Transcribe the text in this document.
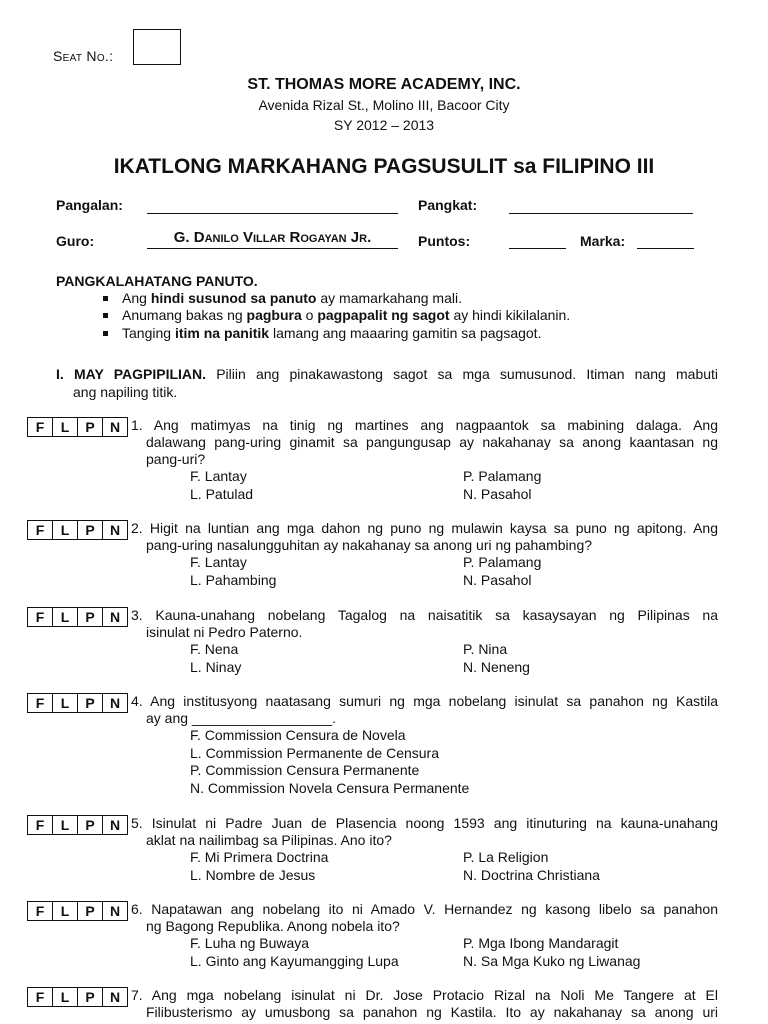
Seat No.:
ST. THOMAS MORE ACADEMY, INC.
Avenida Rizal St., Molino III, Bacoor City
SY 2012 – 2013
IKATLONG MARKAHANG PAGSUSULIT sa FILIPINO III
Pangalan:	Pangkat:
Guro:	G. Danilo Villar Rogayan Jr.	Puntos:	Marka:
PANGKALAHATANG PANUTO.
Ang hindi susunod sa panuto ay mamarkahang mali.
Anumang bakas ng pagbura o pagpapalit ng sagot ay hindi kikilalanin.
Tanging itim na panitik lamang ang maaaring gamitin sa pagsagot.
I. MAY PAGPIPILIAN. Piliin ang pinakawastong sagot sa mga sumusunod. Itiman nang mabuti
ang napiling titik.
F	L	P	N 1. Ang matimyas na tinig ng martines ang nagpaantok sa mabining dalaga. Ang
dalawang pang-uring ginamit sa pangungusap ay nakahanay sa anong kaantasan ng
pang-uri?
F. Lantay	P. Palamang
L. Patulad	N. Pasahol
F	L	P	N 2. Higit na luntian ang mga dahon ng puno ng mulawin kaysa sa puno ng apitong. Ang
pang-uring nasalungguhitan ay nakahanay sa anong uri ng pahambing?
F. Lantay	P. Palamang
L. Pahambing	N. Pasahol
F	L	P	N 3. Kauna-unahang nobelang Tagalog na naisatitik sa kasaysayan ng Pilipinas na
isinulat ni Pedro Paterno.
F. Nena	P. Nina
L. Ninay	N. Neneng
F	L	P	N 4. Ang institusyong naatasang sumuri ng mga nobelang isinulat sa panahon ng Kastila
ay ang __________________.
F. Commission Censura de Novela
L. Commission Permanente de Censura
P. Commission Censura Permanente
N. Commission Novela Censura Permanente
F	L	P	N 5. Isinulat ni Padre Juan de Plasencia noong 1593 ang itinuturing na kauna-unahang
aklat na nailimbag sa Pilipinas. Ano ito?
F. Mi Primera Doctrina	P. La Religion
L. Nombre de Jesus	N. Doctrina Christiana
F	L	P	N 6. Napatawan ang nobelang ito ni Amado V. Hernandez ng kasong libelo sa panahon
ng Bagong Republika. Anong nobela ito?
F. Luha ng Buwaya	P. Mga Ibong Mandaragit
L. Ginto ang Kayumangging Lupa	N. Sa Mga Kuko ng Liwanag
F	L	P	N 7. Ang mga nobelang isinulat ni Dr. Jose Protacio Rizal na Noli Me Tangere at El
Filibusterismo ay umusbong sa panahon ng Kastila. Ito ay nakahanay sa anong uri
